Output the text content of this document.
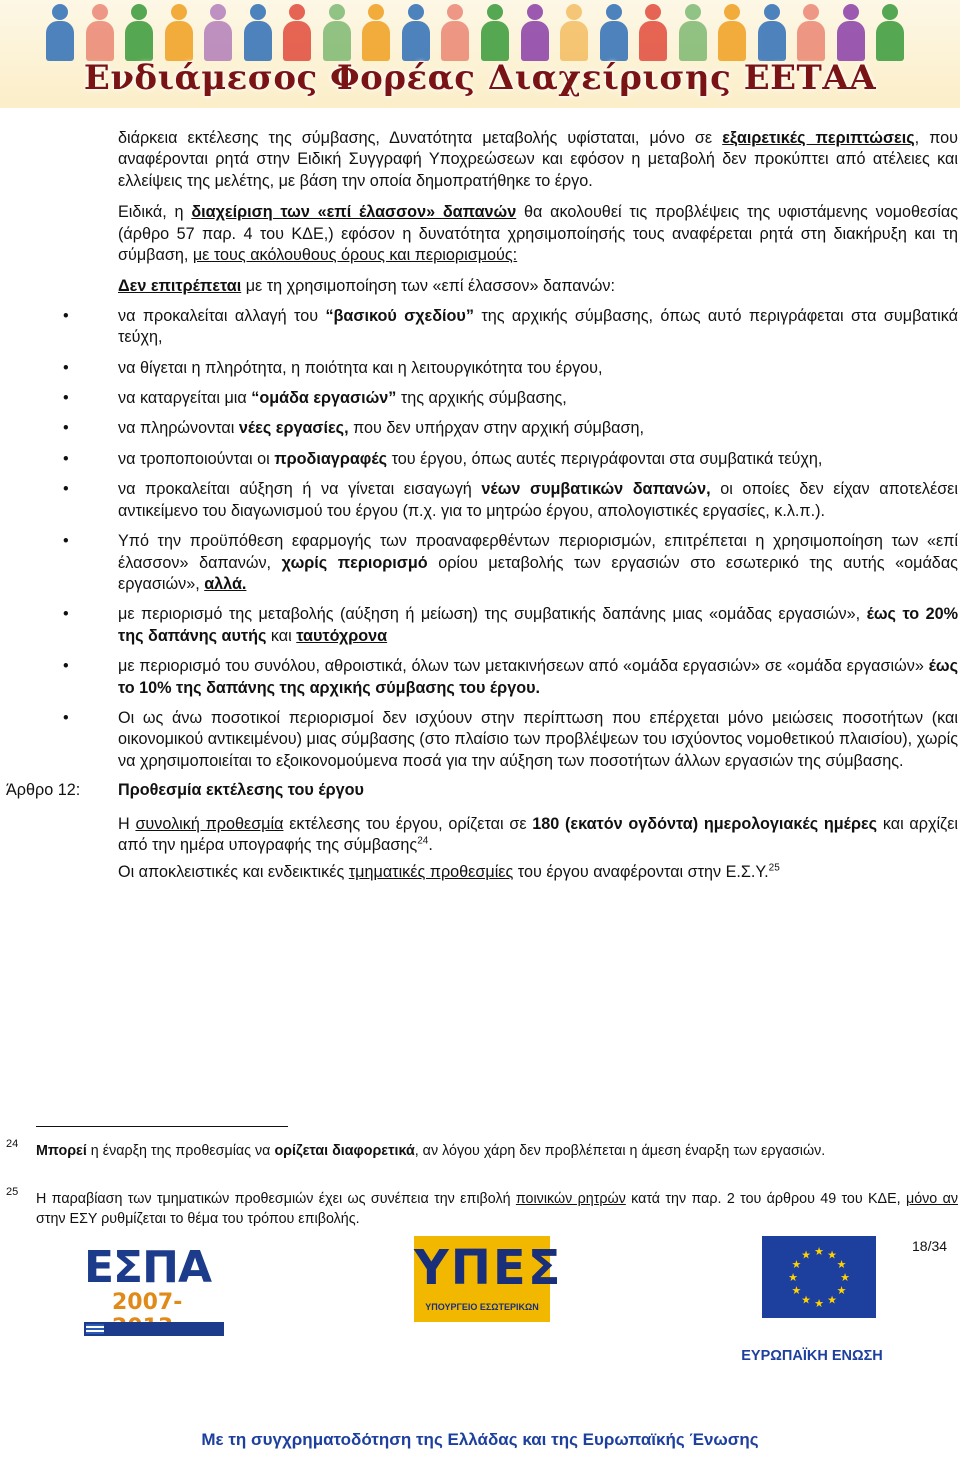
Ενδιάμεσος Φορέας Διαχείρισης ΕΕΤΑΑ

διάρκεια εκτέλεσης της σύμβασης, Δυνατότητα μεταβολής υφίσταται, μόνο σε εξαιρετικές περιπτώσεις, που αναφέρονται ρητά στην Ειδική Συγγραφή Υποχρεώσεων και εφόσον η μεταβολή δεν προκύπτει από ατέλειες και ελλείψεις της μελέτης, με βάση την οποία δημοπρατήθηκε το έργο.

Ειδικά, η διαχείριση των «επί έλασσον» δαπανών θα ακολουθεί τις προβλέψεις της υφιστάμενης νομοθεσίας (άρθρο 57 παρ. 4 του ΚΔΕ,) εφόσον η δυνατότητα χρησιμοποίησής τους αναφέρεται ρητά στη διακήρυξη και τη σύμβαση, με τους ακόλουθους όρους και περιορισμούς:

Δεν επιτρέπεται με τη χρησιμοποίηση των «επί έλασσον» δαπανών:

•	να προκαλείται αλλαγή του “βασικού σχεδίου” της αρχικής σύμβασης, όπως αυτό περιγράφεται στα συμβατικά τεύχη,
•	να θίγεται η πληρότητα, η ποιότητα και η λειτουργικότητα του έργου,
•	να καταργείται μια “ομάδα εργασιών” της αρχικής σύμβασης,
•	να πληρώνονται νέες εργασίες, που δεν υπήρχαν στην αρχική σύμβαση,
•	να τροποποιούνται οι προδιαγραφές του έργου, όπως αυτές περιγράφονται στα συμβατικά τεύχη,
•	να προκαλείται αύξηση ή να γίνεται εισαγωγή νέων συμβατικών δαπανών, οι οποίες δεν είχαν αποτελέσει αντικείμενο του διαγωνισμού του έργου (π.χ. για το μητρώο έργου, απολογιστικές εργασίες, κ.λ.π.).
•	Υπό την προϋπόθεση εφαρμογής των προαναφερθέντων περιορισμών, επιτρέπεται η χρησιμοποίηση των «επί έλασσον» δαπανών, χωρίς περιορισμό ορίου μεταβολής των εργασιών στο εσωτερικό της αυτής «ομάδας εργασιών», αλλά.
•	με περιορισμό της μεταβολής (αύξηση ή μείωση) της συμβατικής δαπάνης μιας «ομάδας εργασιών», έως το 20% της δαπάνης αυτής και ταυτόχρονα
•	με περιορισμό του συνόλου, αθροιστικά, όλων των μετακινήσεων από «ομάδα εργασιών» σε «ομάδα εργασιών» έως το 10% της δαπάνης της αρχικής σύμβασης του έργου.
•	Οι ως άνω ποσοτικοί περιορισμοί δεν ισχύουν στην περίπτωση που επέρχεται μόνο μειώσεις ποσοτήτων (και οικονομικού αντικειμένου) μιας σύμβασης (στο πλαίσιο των προβλέψεων του ισχύοντος νομοθετικού πλαισίου), χωρίς να χρησιμοποιείται το εξοικονομούμενα ποσά για την αύξηση των ποσοτήτων άλλων εργασιών της σύμβασης.
Άρθρο 12: Προθεσμία εκτέλεσης του έργου

Η συνολική προθεσμία εκτέλεσης του έργου, ορίζεται σε 180 (εκατόν ογδόντα) ημερολογιακές ημέρες και αρχίζει από την ημέρα υπογραφής της σύμβασης$^{24}$.

Οι αποκλειστικές και ενδεικτικές τμηματικές προθεσμίες του έργου αναφέρονται στην Ε.Σ.Υ.$^{25}$

24 Μπορεί η έναρξη της προθεσμίας να ορίζεται διαφορετικά, αν λόγου χάρη δεν προβλέπεται η άμεση έναρξη των εργασιών.
25 Η παραβίαση των τμηματικών προθεσμιών έχει ως συνέπεια την επιβολή ποινικών ρητρών κατά την παρ. 2 του άρθρου 49 του ΚΔΕ, μόνο αν στην ΕΣΥ ρυθμίζεται το θέμα του τρόπου επιβολής.
18/34
ΕΣΠΑ
2007-
ΥΠΕΣ
ΥΠΟΥΡΓΕΙΟ ΕΣΩΤΕΡΙΚΩΝ
★ ★
★
★
★
★
★
★
★
★
★
★
ΕΥΡΩΠΑΪΚΗ ΕΝΩΣΗ
Με τη συγχρηματοδότηση της Ελλάδας και της Ευρωπαϊκής Ένωσης
